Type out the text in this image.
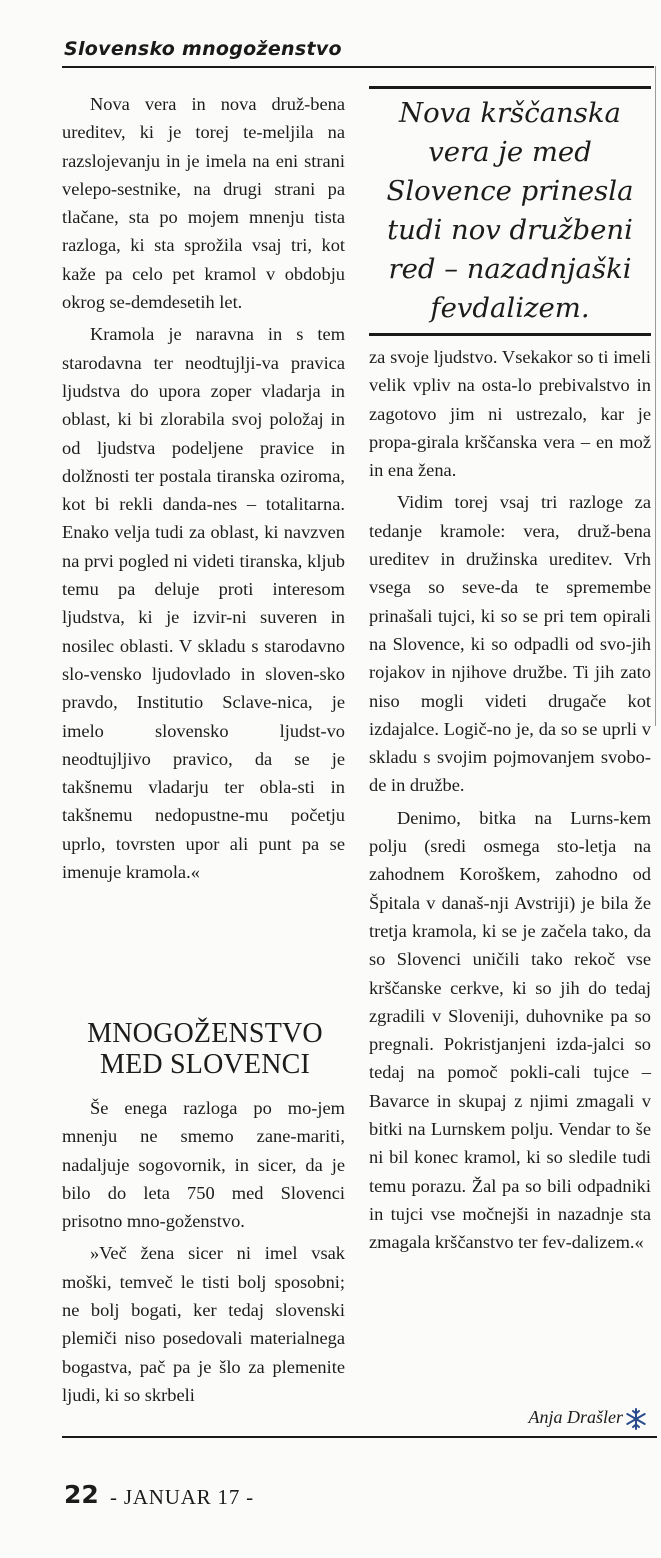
Slovensko mnogoženstvo

Nova vera in nova druž-bena ureditev, ki je torej te-meljila na razslojevanju in je imela na eni strani velepo-sestnike, na drugi strani pa tlačane, sta po mojem mnenju tista razloga, ki sta sprožila vsaj tri, kot kaže pa celo pet kramol v obdobju okrog se-demdesetih let.

Kramola je naravna in s tem starodavna ter neodtujlji-va pravica ljudstva do upora zoper vladarja in oblast, ki bi zlorabila svoj položaj in od ljudstva podeljene pravice in dolžnosti ter postala tiranska oziroma, kot bi rekli danda-nes – totalitarna. Enako velja tudi za oblast, ki navzven na prvi pogled ni videti tiranska, kljub temu pa deluje proti interesom ljudstva, ki je izvir-ni suveren in nosilec oblasti. V skladu s starodavno slo-vensko ljudovlado in sloven-sko pravdo, Institutio Sclave-nica, je imelo slovensko ljudst-vo neodtujljivo pravico, da se je takšnemu vladarju ter obla-sti in takšnemu nedopustne-mu početju uprlo, tovrsten upor ali punt pa se imenuje kramola.«

MNOGOŽENSTVO
MED SLOVENCI

Še enega razloga po mo-jem mnenju ne smemo zane-mariti, nadaljuje sogovornik, in sicer, da je bilo do leta 750 med Slovenci prisotno mno-goženstvo.

»Več žena sicer ni imel vsak moški, temveč le tisti bolj sposobni; ne bolj bogati, ker tedaj slovenski plemiči niso posedovali materialnega bogastva, pač pa je šlo za plemenite ljudi, ki so skrbeli

Nova krščanska
vera je med
Slovence prinesla
tudi nov družbeni
red – nazadnjaški
fevdalizem.

za svoje ljudstvo. Vsekakor so ti imeli velik vpliv na osta-lo prebivalstvo in zagotovo jim ni ustrezalo, kar je propa-girala krščanska vera – en mož in ena žena.

Vidim torej vsaj tri razloge za tedanje kramole: vera, druž-bena ureditev in družinska ureditev. Vrh vsega so seve-da te spremembe prinašali tujci, ki so se pri tem opirali na Slovence, ki so odpadli od svo-jih rojakov in njihove družbe. Ti jih zato niso mogli videti drugače kot izdajalce. Logič-no je, da so se uprli v skladu s svojim pojmovanjem svobo-de in družbe.

Denimo, bitka na Lurns-kem polju (sredi osmega sto-letja na zahodnem Koroškem, zahodno od Špitala v današ-nji Avstriji) je bila že tretja kramola, ki se je začela tako, da so Slovenci uničili tako rekoč vse krščanske cerkve, ki so jih do tedaj zgradili v Sloveniji, duhovnike pa so pregnali. Pokristjanjeni izda-jalci so tedaj na pomoč pokli-cali tujce – Bavarce in skupaj z njimi zmagali v bitki na Lurnskem polju. Vendar to še ni bil konec kramol, ki so sledile tudi temu porazu. Žal pa so bili odpadniki in tujci vse močnejši in nazadnje sta zmagala krščanstvo ter fev-dalizem.«

Anja Drašler
22 - JANUAR 17 -
